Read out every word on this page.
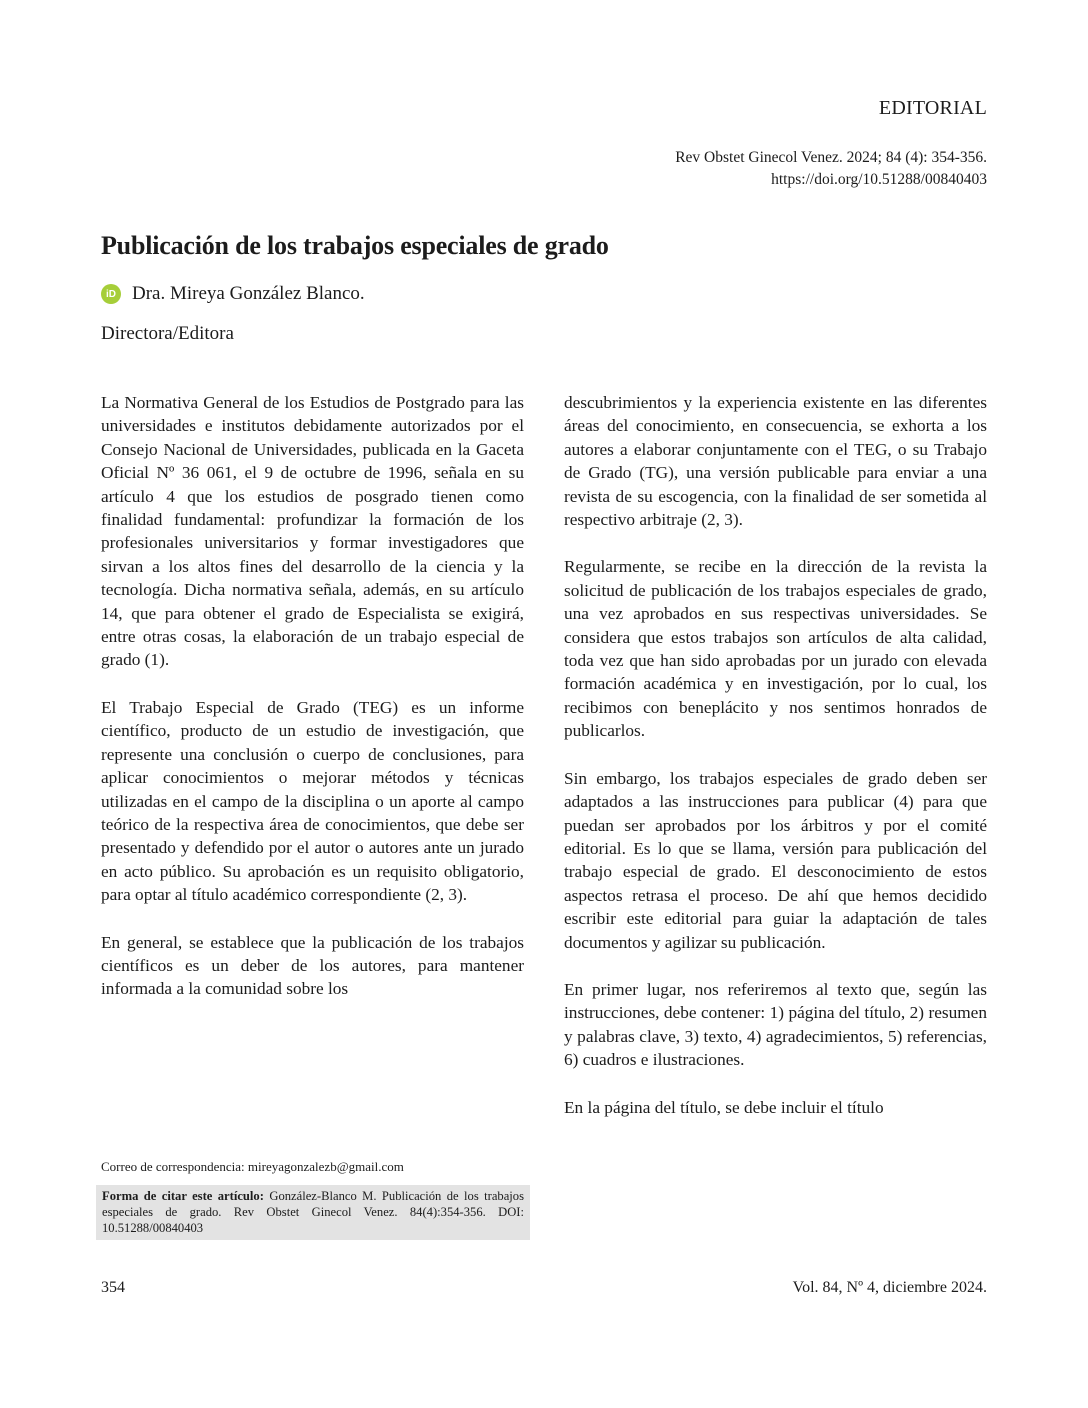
EDITORIAL
Rev Obstet Ginecol Venez. 2024; 84 (4): 354-356.
https://doi.org/10.51288/00840403
Publicación de los trabajos especiales de grado
iD Dra. Mireya González Blanco.
Directora/Editora

La Normativa General de los Estudios de Postgrado para las universidades e institutos debidamente autorizados por el Consejo Nacional de Universidades, publicada en la Gaceta Oficial Nº 36 061, el 9 de octubre de 1996, señala en su artículo 4 que los estudios de posgrado tienen como finalidad fundamental: profundizar la formación de los profesionales universitarios y formar investigadores que sirvan a los altos fines del desarrollo de la ciencia y la tecnología. Dicha normativa señala, además, en su artículo 14, que para obtener el grado de Especialista se exigirá, entre otras cosas, la elaboración de un trabajo especial de grado (1).

El Trabajo Especial de Grado (TEG) es un informe científico, producto de un estudio de investigación, que represente una conclusión o cuerpo de conclusiones, para aplicar conocimientos o mejorar métodos y técnicas utilizadas en el campo de la disciplina o un aporte al campo teórico de la respectiva área de conocimientos, que debe ser presentado y defendido por el autor o autores ante un jurado en acto público. Su aprobación es un requisito obligatorio, para optar al título académico correspondiente (2, 3).

En general, se establece que la publicación de los trabajos científicos es un deber de los autores, para mantener informada a la comunidad sobre los

descubrimientos y la experiencia existente en las diferentes áreas del conocimiento, en consecuencia, se exhorta a los autores a elaborar conjuntamente con el TEG, o su Trabajo de Grado (TG), una versión publicable para enviar a una revista de su escogencia, con la finalidad de ser sometida al respectivo arbitraje (2, 3).

Regularmente, se recibe en la dirección de la revista la solicitud de publicación de los trabajos especiales de grado, una vez aprobados en sus respectivas universidades. Se considera que estos trabajos son artículos de alta calidad, toda vez que han sido aprobadas por un jurado con elevada formación académica y en investigación, por lo cual, los recibimos con beneplácito y nos sentimos honrados de publicarlos.

Sin embargo, los trabajos especiales de grado deben ser adaptados a las instrucciones para publicar (4) para que puedan ser aprobados por los árbitros y por el comité editorial. Es lo que se llama, versión para publicación del trabajo especial de grado. El desconocimiento de estos aspectos retrasa el proceso. De ahí que hemos decidido escribir este editorial para guiar la adaptación de tales documentos y agilizar su publicación.

En primer lugar, nos referiremos al texto que, según las instrucciones, debe contener: 1) página del título, 2) resumen y palabras clave, 3) texto, 4) agradecimientos, 5) referencias, 6) cuadros e ilustraciones.

En la página del título, se debe incluir el título

Correo de correspondencia: mireyagonzalezb@gmail.com
Forma de citar este artículo: González-Blanco M. Publicación de los trabajos especiales de grado. Rev Obstet Ginecol Venez. 84(4):354-356. DOI: 10.51288/00840403
354	Vol. 84, Nº 4, diciembre 2024.
